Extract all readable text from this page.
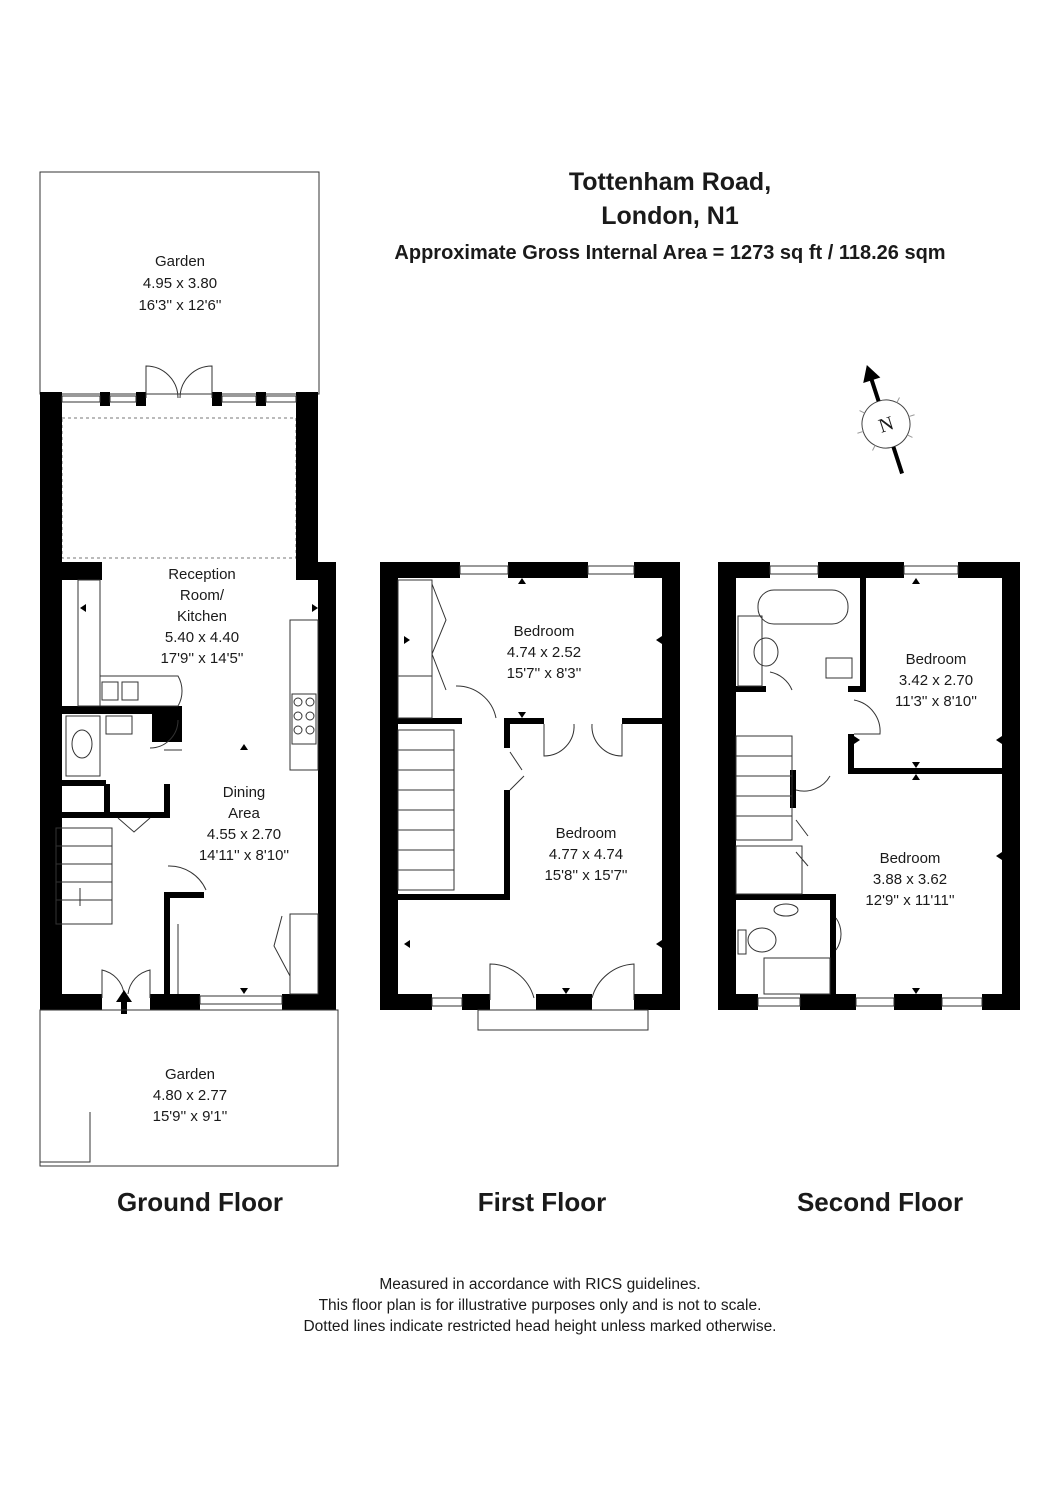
Tottenham Road,
London, N1
Approximate Gross Internal Area = 1273 sq ft / 118.26 sqm
Garden
4.95 x 3.80
16'3'' x 12'6''
Reception
Room/
Kitchen
5.40 x 4.40
17'9'' x 14'5''
Dining
Area
4.55 x 2.70
14'11'' x 8'10''
Garden
4.80 x 2.77
15'9'' x 9'1''
Bedroom
4.74 x 2.52
15'7'' x 8'3''
Bedroom
4.77 x 4.74
15'8'' x 15'7''
Bedroom
3.42 x 2.70
11'3'' x 8'10''
Bedroom
3.88 x 3.62
12'9'' x 11'11''
N
Ground Floor	First Floor	Second Floor
Measured in accordance with RICS guidelines.
This floor plan is for illustrative purposes only and is not to scale.
Dotted lines indicate restricted head height unless marked otherwise.
